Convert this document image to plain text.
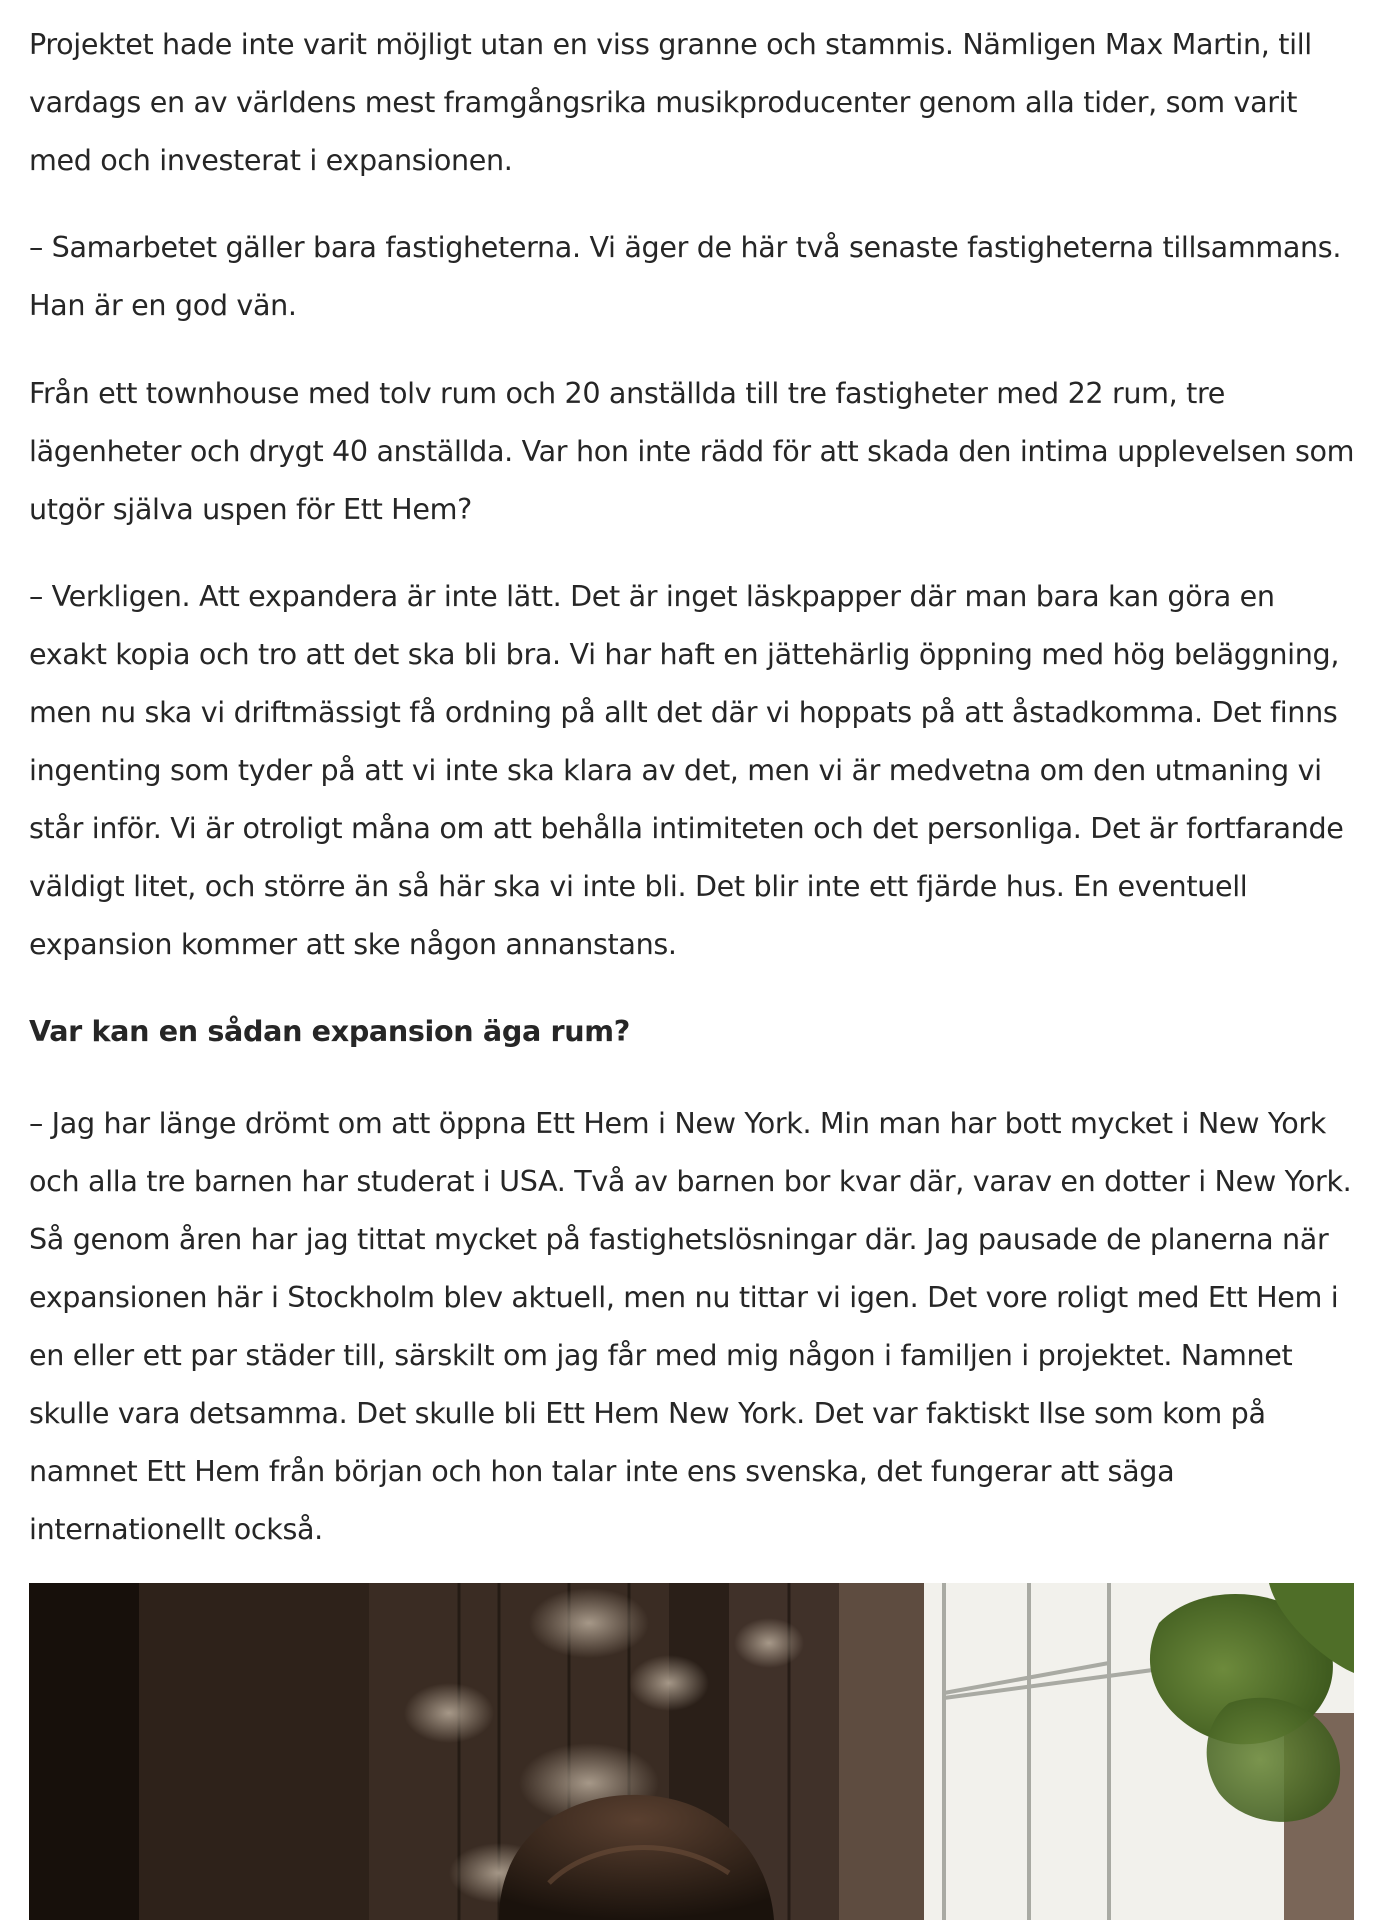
Projektet hade inte varit möjligt utan en viss granne och stammis. Nämligen Max Martin, till vardags en av världens mest framgångsrika musikproducenter genom alla tider, som varit med och investerat i expansionen.

– Samarbetet gäller bara fastigheterna. Vi äger de här två senaste fastigheterna tillsammans. Han är en god vän.

Från ett townhouse med tolv rum och 20 anställda till tre fastigheter med 22 rum, tre lägenheter och drygt 40 anställda. Var hon inte rädd för att skada den intima upplevelsen som utgör själva uspen för Ett Hem?

– Verkligen. Att expandera är inte lätt. Det är inget läskpapper där man bara kan göra en exakt kopia och tro att det ska bli bra. Vi har haft en jättehärlig öppning med hög beläggning, men nu ska vi driftmässigt få ordning på allt det där vi hoppats på att åstadkomma. Det finns ingenting som tyder på att vi inte ska klara av det, men vi är medvetna om den utmaning vi står inför. Vi är otroligt måna om att behålla intimiteten och det personliga. Det är fortfarande väldigt litet, och större än så här ska vi inte bli. Det blir inte ett fjärde hus. En eventuell expansion kommer att ske någon annanstans.

Var kan en sådan expansion äga rum?

– Jag har länge drömt om att öppna Ett Hem i New York. Min man har bott mycket i New York och alla tre barnen har studerat i USA. Två av barnen bor kvar där, varav en dotter i New York. Så genom åren har jag tittat mycket på fastighetslösningar där. Jag pausade de planerna när expansionen här i Stockholm blev aktuell, men nu tittar vi igen. Det vore roligt med Ett Hem i en eller ett par städer till, särskilt om jag får med mig någon i familjen i projektet. Namnet skulle vara detsamma. Det skulle bli Ett Hem New York. Det var faktiskt Ilse som kom på namnet Ett Hem från början och hon talar inte ens svenska, det fungerar att säga internationellt också.
